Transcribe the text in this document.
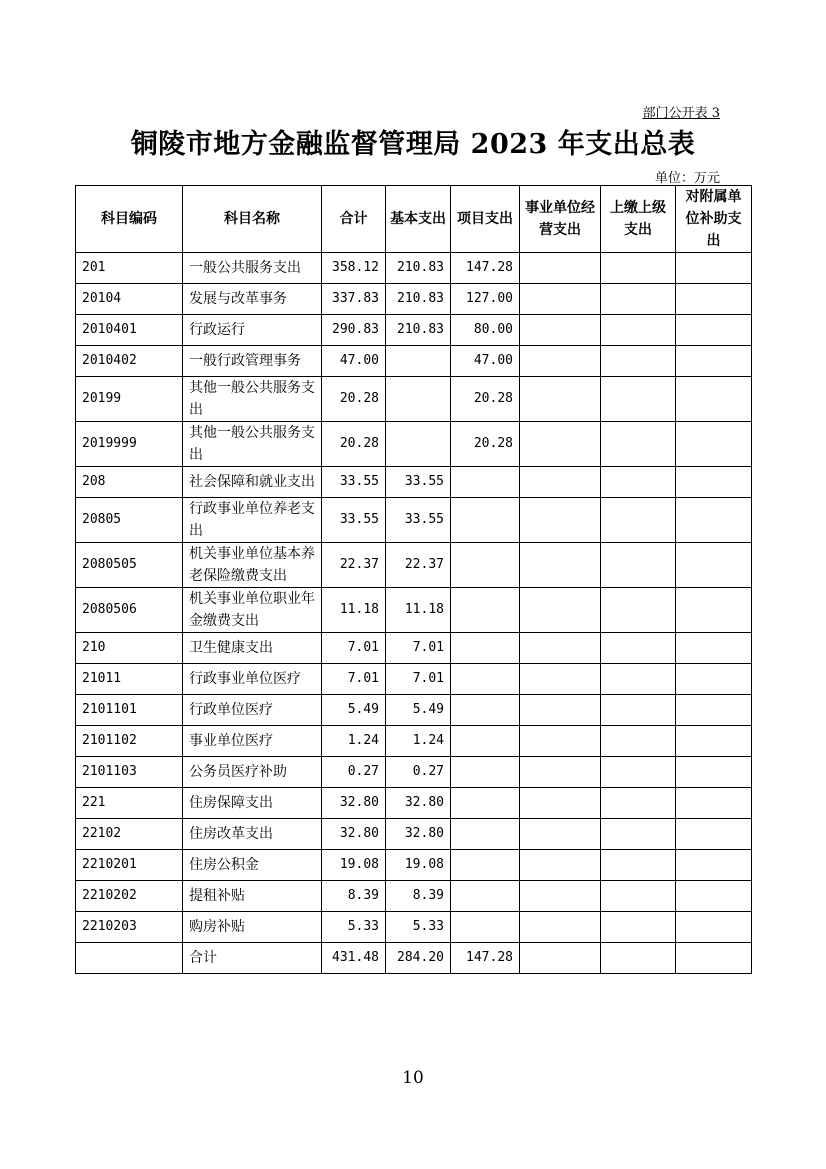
部门公开表 3
铜陵市地方金融监督管理局 2023 年支出总表
单位：万元
科目编码	科目名称	合计	基本支出	项目支出	事业单位经营支出	上缴上级支出	对附属单位补助支出
201	一般公共服务支出	358.12	210.83	147.28			
20104	发展与改革事务	337.83	210.83	127.00			
2010401	行政运行	290.83	210.83	80.00			
2010402	一般行政管理事务	47.00		47.00			
20199	其他一般公共服务支出	20.28		20.28			
2019999	其他一般公共服务支出	20.28		20.28			
208	社会保障和就业支出	33.55	33.55				
20805	行政事业单位养老支出	33.55	33.55				
2080505	机关事业单位基本养老保险缴费支出	22.37	22.37				
2080506	机关事业单位职业年金缴费支出	11.18	11.18				
210	卫生健康支出	7.01	7.01				
21011	行政事业单位医疗	7.01	7.01				
2101101	行政单位医疗	5.49	5.49				
2101102	事业单位医疗	1.24	1.24				
2101103	公务员医疗补助	0.27	0.27				
221	住房保障支出	32.80	32.80				
22102	住房改革支出	32.80	32.80				
2210201	住房公积金	19.08	19.08				
2210202	提租补贴	8.39	8.39				
2210203	购房补贴	5.33	5.33				
	合计	431.48	284.20	147.28			
10
